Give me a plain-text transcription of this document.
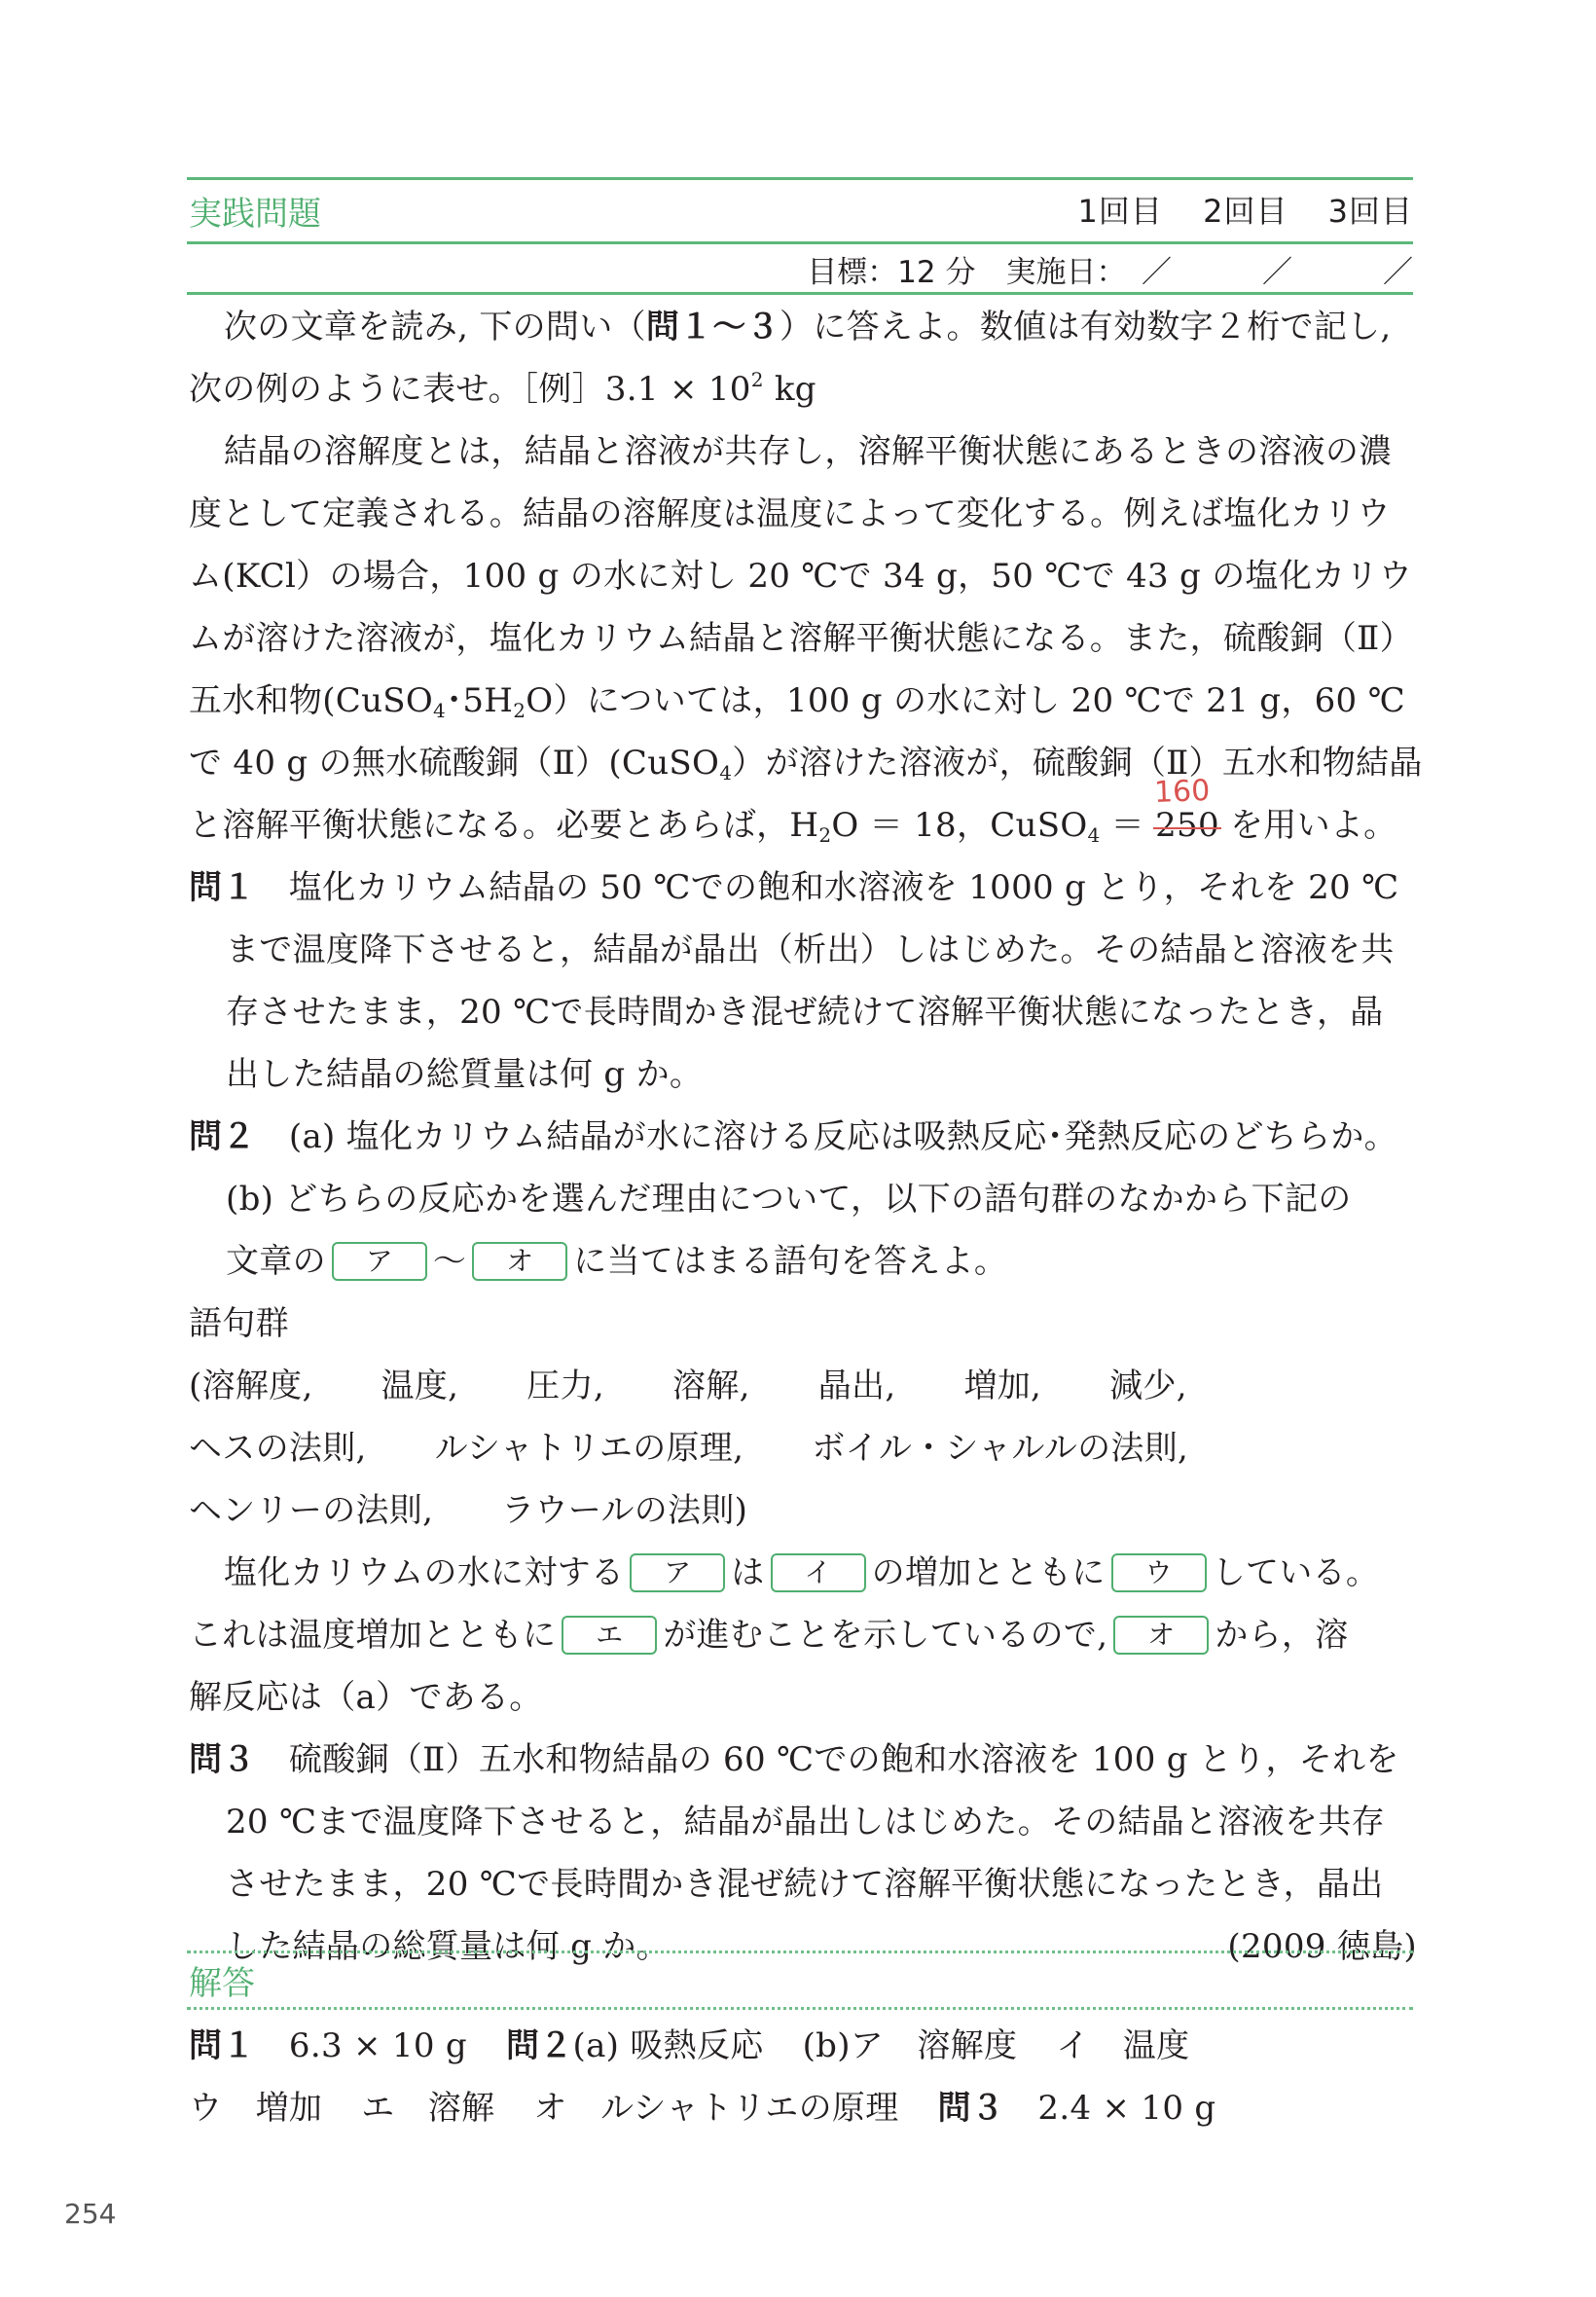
実践問題	1回目 2回目 3回目
目標：12 分　実施日：　／　　　／　　　／
次の文章を読み, 下の問い（問１～３）に答えよ。数値は有効数字２桁で記し,
次の例のように表せ。［例］3.1 × $10^2$ kg
結晶の溶解度とは，結晶と溶液が共存し，溶解平衡状態にあるときの溶液の濃
度として定義される。結晶の溶解度は温度によって変化する。例えば塩化カリウ
ム(KCl）の場合，100 g の水に対し 20 ℃で 34 g，50 ℃で 43 g の塩化カリウ
ムが溶けた溶液が，塩化カリウム結晶と溶解平衡状態になる。また，硫酸銅（Ⅱ）
五水和物(CuSO$_4$･$5H_2O$）については，100 g の水に対し 20 ℃で 21 g，60 ℃
で 40 g の無水硫酸銅（Ⅱ）(CuSO$_4$）が溶けた溶液が，硫酸銅（Ⅱ）五水和物結晶
160
と溶解平衡状態になる。必要とあらば，$H_2O = 18$，CuSO$_4$ ＝ 250 を用いよ。
問１　 塩化カリウム結晶の 50 ℃での飽和水溶液を 1000 g とり，それを 20 ℃
まで温度降下させると，結晶が晶出（析出）しはじめた。その結晶と溶液を共
存させたまま，20 ℃で長時間かき混ぜ続けて溶解平衡状態になったとき，晶
出した結晶の総質量は何 g か。
問２　 (a) 塩化カリウム結晶が水に溶ける反応は吸熱反応･発熱反応のどちらか。
(b) どちらの反応かを選んだ理由について，以下の語句群のなかから下記の
文章の ア ～ オ に当てはまる語句を答えよ。
語句群
(溶解度, 温度, 圧力, 溶解, 晶出, 増加, 減少,
ヘスの法則, ルシャトリエの原理, ボイル・シャルルの法則,
ヘンリーの法則, ラウールの法則)
塩化カリウムの水に対する ア は イ の増加とともに ウ している。
これは温度増加とともに エ が進むことを示しているので, オ から，溶
解反応は（a）である。
問３　 硫酸銅（Ⅱ）五水和物結晶の 60 ℃での飽和水溶液を 100 g とり，それを
20 ℃まで温度降下させると，結晶が晶出しはじめた。その結晶と溶液を共存
させたまま，20 ℃で長時間かき混ぜ続けて溶解平衡状態になったとき，晶出
した結晶の総質量は何 g か。	(2009 徳島)
解答
問１　 6.3 × 10 g 問２(a) 吸熱反応 (b)ア　溶解度 イ　温度
ウ　増加 エ　溶解 オ　ルシャトリエの原理 問３　 2.4 × 10 g
254
